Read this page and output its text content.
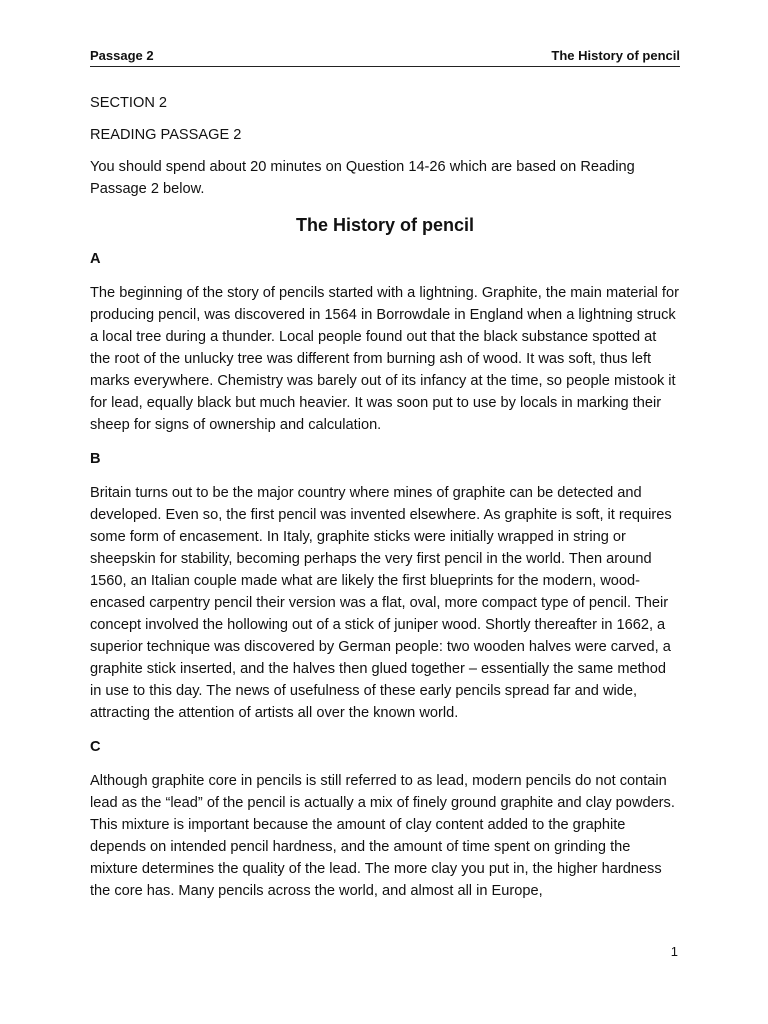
Passage 2	The History of pencil

SECTION 2

READING PASSAGE 2

You should spend about 20 minutes on Question 14-26 which are based on Reading Passage 2 below.

The History of pencil

A

The beginning of the story of pencils started with a lightning. Graphite, the main material for producing pencil, was discovered in 1564 in Borrowdale in England when a lightning struck a local tree during a thunder. Local people found out that the black substance spotted at the root of the unlucky tree was different from burning ash of wood. It was soft, thus left marks everywhere. Chemistry was barely out of its infancy at the time, so people mistook it for lead, equally black but much heavier. It was soon put to use by locals in marking their sheep for signs of ownership and calculation.

B

Britain turns out to be the major country where mines of graphite can be detected and developed. Even so, the first pencil was invented elsewhere. As graphite is soft, it requires some form of encasement. In Italy, graphite sticks were initially wrapped in string or sheepskin for stability, becoming perhaps the very first pencil in the world. Then around 1560, an Italian couple made what are likely the first blueprints for the modern, wood-encased carpentry pencil their version was a flat, oval, more compact type of pencil. Their concept involved the hollowing out of a stick of juniper wood. Shortly thereafter in 1662, a superior technique was discovered by German people: two wooden halves were carved, a graphite stick inserted, and the halves then glued together – essentially the same method in use to this day. The news of usefulness of these early pencils spread far and wide, attracting the attention of artists all over the known world.

C

Although graphite core in pencils is still referred to as lead, modern pencils do not contain lead as the “lead” of the pencil is actually a mix of finely ground graphite and clay powders. This mixture is important because the amount of clay content added to the graphite depends on intended pencil hardness, and the amount of time spent on grinding the mixture determines the quality of the lead. The more clay you put in, the higher hardness the core has. Many pencils across the world, and almost all in Europe,

1
